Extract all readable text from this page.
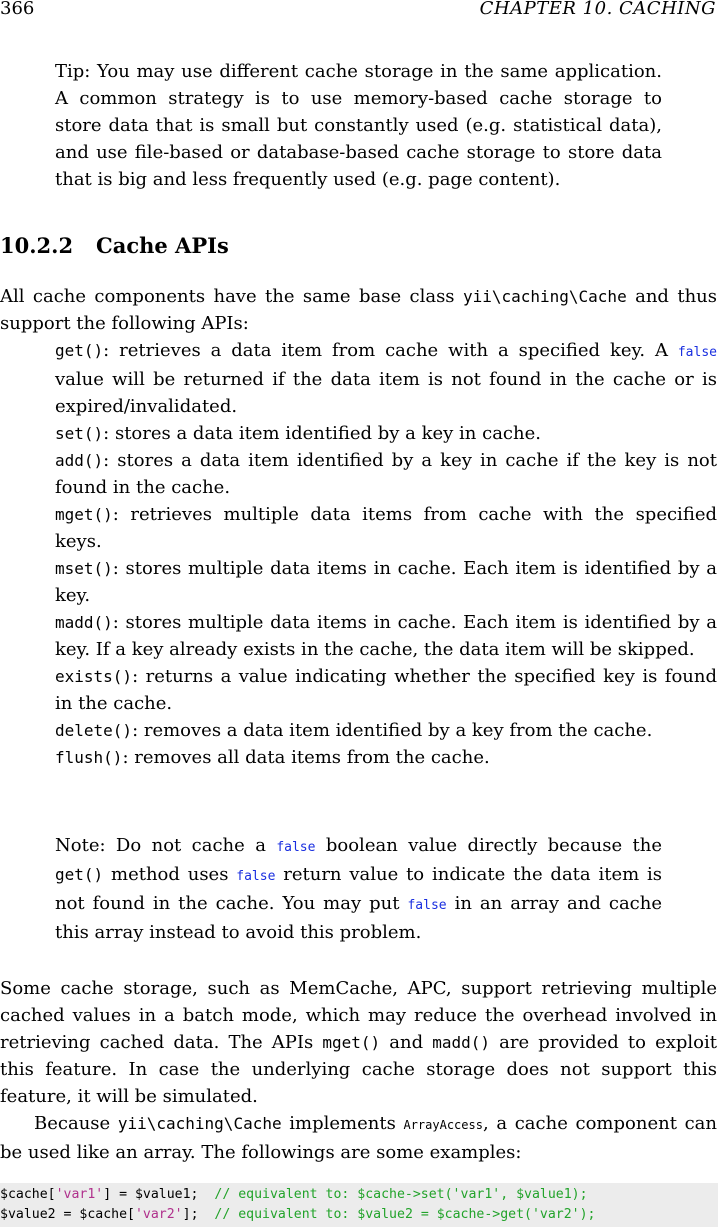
366	CHAPTER 10. CACHING
Tip: You may use different cache storage in the same application. A common strategy is to use memory-based cache storage to store data that is small but constantly used (e.g. statistical data), and use file-based or database-based cache storage to store data that is big and less frequently used (e.g. page content).
10.2.2 Cache APIs
All cache components have the same base class yii\caching\Cache and thus support the following APIs:
get(): retrieves a data item from cache with a specified key. A false value will be returned if the data item is not found in the cache or is expired/invalidated.
set(): stores a data item identified by a key in cache.
add(): stores a data item identified by a key in cache if the key is not found in the cache.
mget(): retrieves multiple data items from cache with the specified keys.
mset(): stores multiple data items in cache. Each item is identified by a key.
madd(): stores multiple data items in cache. Each item is identified by a key. If a key already exists in the cache, the data item will be skipped.
exists(): returns a value indicating whether the specified key is found in the cache.
delete(): removes a data item identified by a key from the cache.
flush(): removes all data items from the cache.
Note: Do not cache a false boolean value directly because the get() method uses false return value to indicate the data item is not found in the cache. You may put false in an array and cache this array instead to avoid this problem.
Some cache storage, such as MemCache, APC, support retrieving multiple cached values in a batch mode, which may reduce the overhead involved in retrieving cached data. The APIs mget() and madd() are provided to exploit this feature. In case the underlying cache storage does not support this feature, it will be simulated.
Because yii\caching\Cache implements ArrayAccess, a cache component can be used like an array. The followings are some examples:
$cache['var1'] = $value1;  // equivalent to: $cache->set('var1', $value1);
$value2 = $cache['var2'];  // equivalent to: $value2 = $cache->get('var2');
